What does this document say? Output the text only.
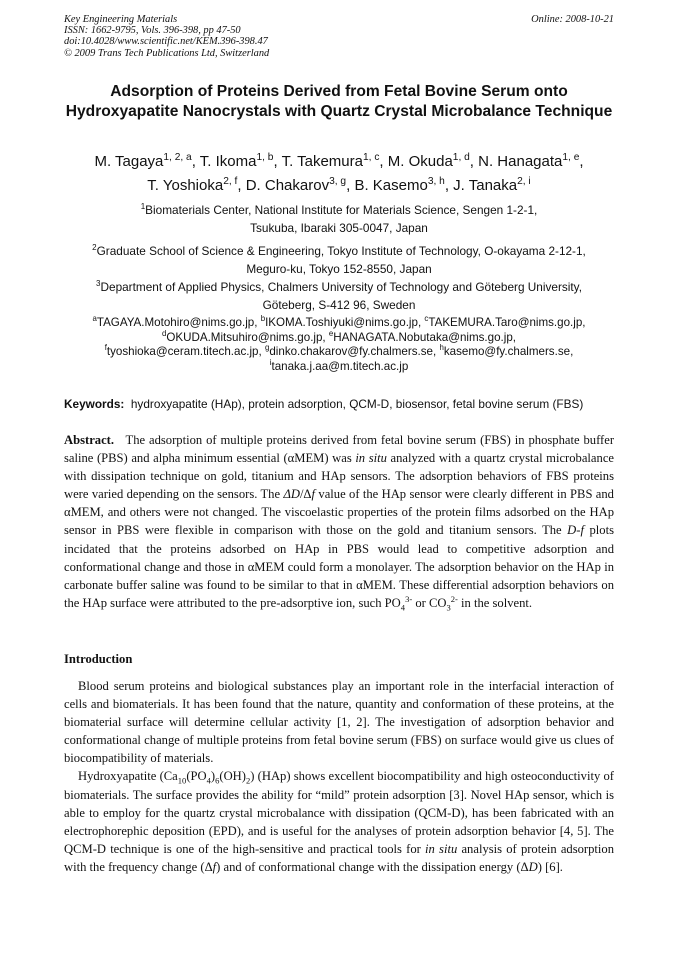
Key Engineering Materials
ISSN: 1662-9795, Vols. 396-398, pp 47-50
doi:10.4028/www.scientific.net/KEM.396-398.47
© 2009 Trans Tech Publications Ltd, Switzerland
Online: 2008-10-21
Adsorption of Proteins Derived from Fetal Bovine Serum onto Hydroxyapatite Nanocrystals with Quartz Crystal Microbalance Technique
M. Tagaya$^{1, 2, a}$, T. Ikoma$^{1, b}$, T. Takemura$^{1, c}$, M. Okuda$^{1, d}$, N. Hanagata$^{1, e}$,
T. Yoshioka$^{2, f}$, D. Chakarov$^{3, g}$, B. Kasemo$^{3, h}$, J. Tanaka$^{2, i}$
$^1$Biomaterials Center, National Institute for Materials Science, Sengen 1-2-1,
Tsukuba, Ibaraki 305-0047, Japan
$^2$Graduate School of Science & Engineering, Tokyo Institute of Technology, O-okayama 2-12-1,
Meguro-ku, Tokyo 152-8550, Japan
$^3$Department of Applied Physics, Chalmers University of Technology and Göteberg University,
Göteberg, S-412 96, Sweden
$^a$TAGAYA.Motohiro@nims.go.jp, $^b$IKOMA.Toshiyuki@nims.go.jp, $^c$TAKEMURA.Taro@nims.go.jp,
$^d$OKUDA.Mitsuhiro@nims.go.jp, $^e$HANAGATA.Nobutaka@nims.go.jp,
$^f$tyoshioka@ceram.titech.ac.jp, $^g$dinko.chakarov@fy.chalmers.se, $^h$kasemo@fy.chalmers.se,
$^i$tanaka.j.aa@m.titech.ac.jp
Keywords: hydroxyapatite (HAp), protein adsorption, QCM-D, biosensor, fetal bovine serum (FBS)

Abstract. The adsorption of multiple proteins derived from fetal bovine serum (FBS) in phosphate buffer saline (PBS) and alpha minimum essential (αMEM) was in situ analyzed with a quartz crystal microbalance with dissipation technique on gold, titanium and HAp sensors. The adsorption behaviors of FBS proteins were varied depending on the sensors. The ΔD/Δf value of the HAp sensor were clearly different in PBS and αMEM, and others were not changed. The viscoelastic properties of the protein films adsorbed on the HAp sensor in PBS were flexible in comparison with those on the gold and titanium sensors. The D-f plots incidated that the proteins adsorbed on HAp in PBS would lead to competitive adsorption and conformational change and those in αMEM could form a monolayer. The adsorption behavior on the HAp in carbonate buffer saline was found to be similar to that in αMEM. These differential adsorption behaviors on the HAp surface were attributed to the pre-adsorptive ion, such $PO_4^{3-}$ or $CO_3^{2-}$ in the solvent.

Introduction

Blood serum proteins and biological substances play an important role in the interfacial interaction of cells and biomaterials. It has been found that the nature, quantity and conformation of these proteins, at the biomaterial surface will determine cellular activity [1, 2]. The investigation of adsorption behavior and conformational change of multiple proteins from fetal bovine serum (FBS) on surface would give us clues of biocompatibility of materials.

Hydroxyapatite $(Ca_{10}(PO_4)_6(OH)_2)$ (HAp) shows excellent biocompatibility and high osteoconductivity of biomaterials. The surface provides the ability for “mild” protein adsorption [3]. Novel HAp sensor, which is able to employ for the quartz crystal microbalance with dissipation (QCM-D), has been fabricated with an electrophorephic deposition (EPD), and is useful for the analyses of protein adsorption behavior [4, 5]. The QCM-D technique is one of the high-sensitive and practical tools for in situ analysis of protein adsorption with the frequency change (Δf) and of conformational change with the dissipation energy (ΔD) [6].
